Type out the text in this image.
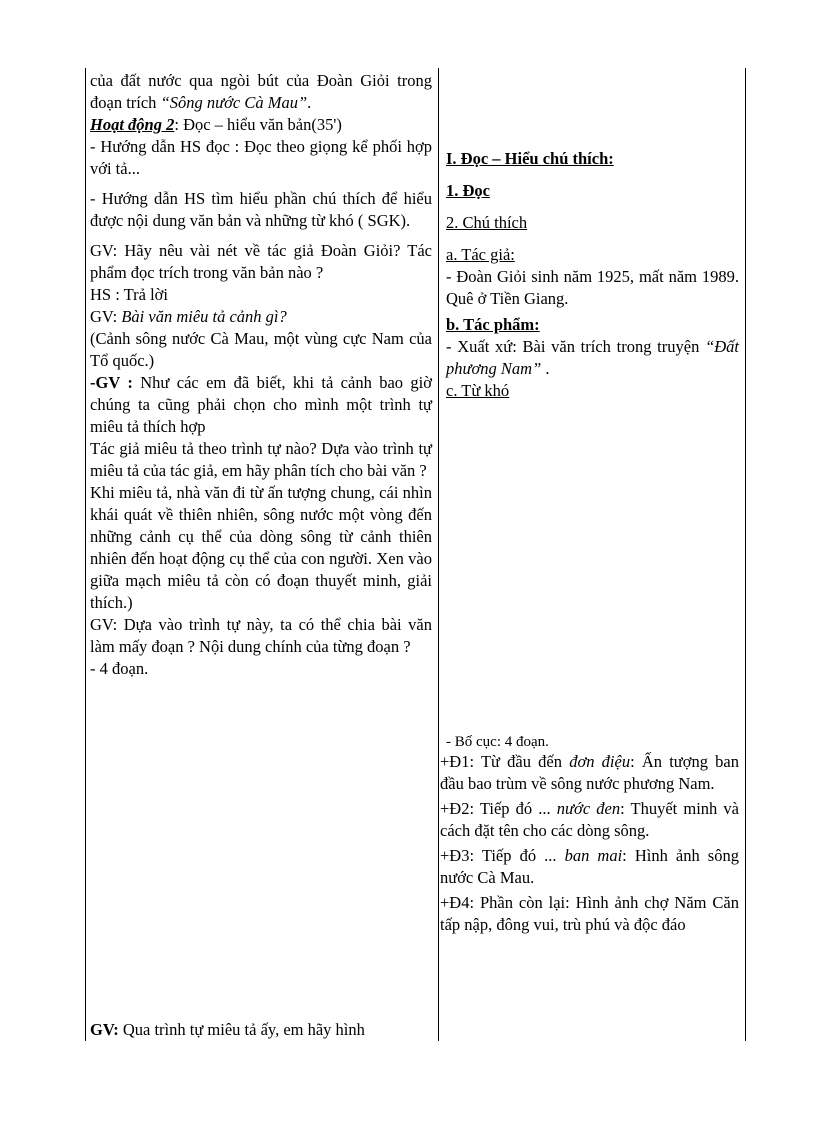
của đất nước qua ngòi bút của Đoàn Giỏi trong đoạn trích “Sông nước Cà Mau”.

Hoạt động 2: Đọc – hiểu văn bản(35')

- Hướng dẫn HS đọc : Đọc theo giọng kể phối hợp với tả...

- Hướng dẫn HS tìm hiểu phần chú thích để hiểu được nội dung văn bản và những từ khó ( SGK).

GV: Hãy nêu vài nét về tác giả Đoàn Giỏi? Tác phẩm đọc trích trong văn bản nào ?

HS : Trả lời

GV: Bài văn miêu tả cảnh gì?

(Cảnh sông nước Cà Mau, một vùng cực Nam của Tổ quốc.)

-GV : Như các em đã biết, khi tả cảnh bao giờ chúng ta cũng phải chọn cho mình một trình tự miêu tả thích hợp

Tác giả miêu tả theo trình tự nào? Dựa vào trình tự miêu tả của tác giả, em hãy phân tích cho bài văn ?

Khi miêu tả, nhà văn đi từ ấn tượng chung, cái nhìn khái quát về thiên nhiên, sông nước một vòng đến những cảnh cụ thể của dòng sông từ cảnh thiên nhiên đến hoạt động cụ thể của con người. Xen vào giữa mạch miêu tả còn có đoạn thuyết minh, giải thích.)

GV: Dựa vào trình tự này, ta có thể chia bài văn làm mấy đoạn ? Nội dung chính của từng đoạn ?

- 4 đoạn.

GV: Qua trình tự miêu tả ấy, em hãy hình

I. Đọc – Hiểu chú thích:

1. Đọc

2. Chú thích

a. Tác giả:

- Đoàn Giỏi sinh năm 1925, mất năm 1989. Quê ở Tiền Giang.

b. Tác phẩm:

- Xuất xứ: Bài văn trích trong truyện “Đất phương Nam” .

c. Từ khó

- Bố cục: 4 đoạn.

+Đ1: Từ đầu đến đơn điệu: Ấn tượng ban đầu bao trùm về sông nước phương Nam.

+Đ2: Tiếp đó ... nước đen: Thuyết minh và cách đặt tên cho các dòng sông.

+Đ3: Tiếp đó ... ban mai: Hình ảnh sông nước Cà Mau.

+Đ4: Phần còn lại: Hình ảnh chợ Năm Căn tấp nập, đông vui, trù phú và độc đáo
